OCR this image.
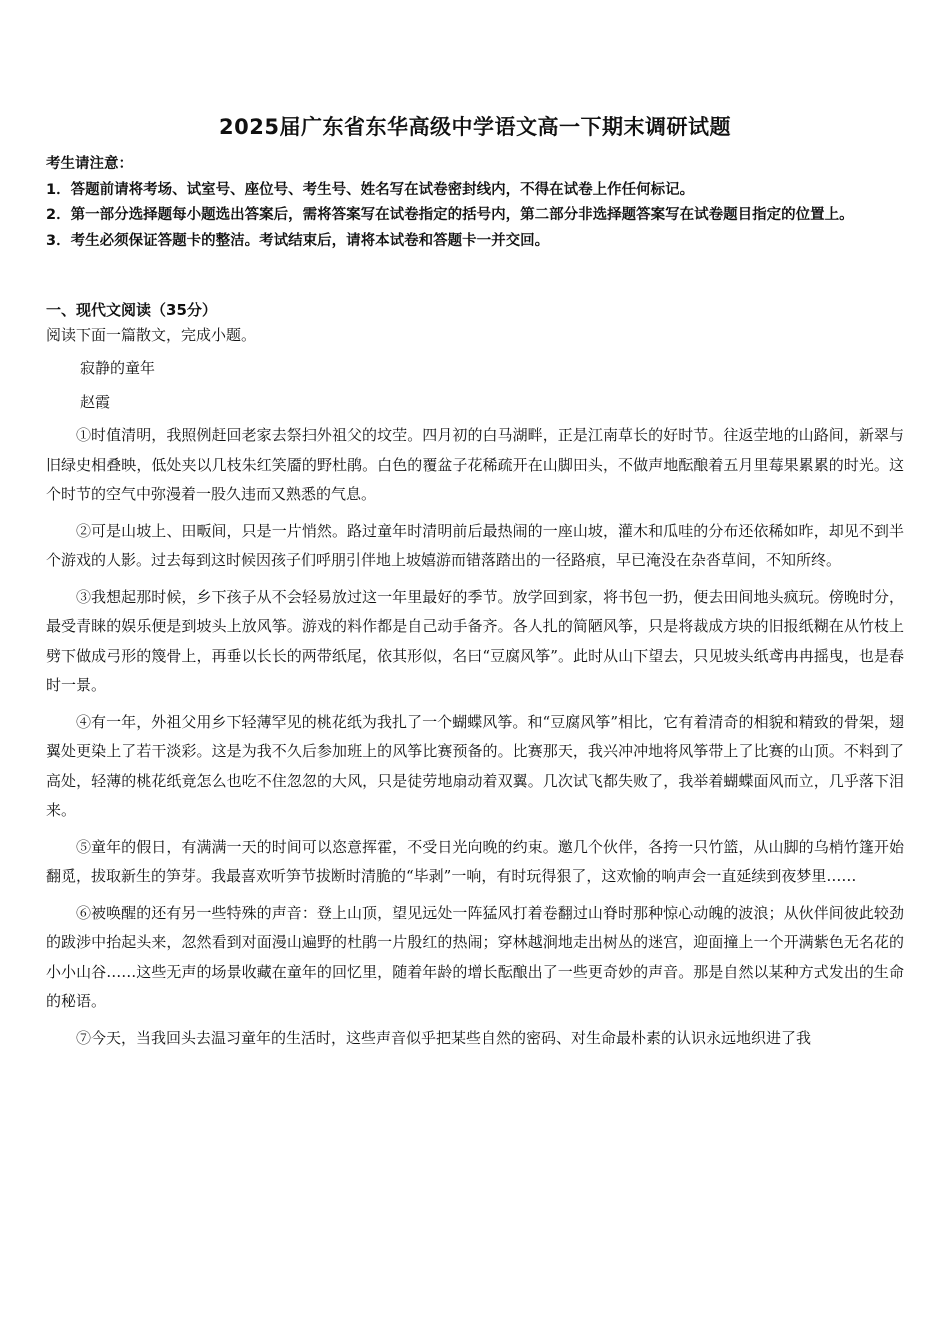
2025届广东省东华高级中学语文高一下期末调研试题

考生请注意：

1．答题前请将考场、试室号、座位号、考生号、姓名写在试卷密封线内，不得在试卷上作任何标记。

2．第一部分选择题每小题选出答案后，需将答案写在试卷指定的括号内，第二部分非选择题答案写在试卷题目指定的位置上。

3．考生必须保证答题卡的整洁。考试结束后，请将本试卷和答题卡一并交回。

一、现代文阅读（35分）
阅读下面一篇散文，完成小题。
寂静的童年
赵霞

①时值清明，我照例赶回老家去祭扫外祖父的坟茔。四月初的白马湖畔，正是江南草长的好时节。往返茔地的山路间，新翠与旧绿史相叠映，低处夹以几枝朱红笑靥的野杜鹃。白色的覆盆子花稀疏开在山脚田头，不做声地酝酿着五月里莓果累累的时光。这个时节的空气中弥漫着一股久违而又熟悉的气息。

②可是山坡上、田畈间，只是一片悄然。路过童年时清明前后最热闹的一座山坡，灌木和瓜哇的分布还依稀如昨，却见不到半个游戏的人影。过去每到这时候因孩子们呼朋引伴地上坡嬉游而错落踏出的一径路痕，早已淹没在杂沓草间，不知所终。

③我想起那时候，乡下孩子从不会轻易放过这一年里最好的季节。放学回到家，将书包一扔，便去田间地头疯玩。傍晚时分，最受青睐的娱乐便是到坡头上放风筝。游戏的料作都是自己动手备齐。各人扎的简陋风筝，只是将裁成方块的旧报纸糊在从竹枝上劈下做成弓形的篾骨上，再垂以长长的两带纸尾，依其形似，名曰“豆腐风筝”。此时从山下望去，只见坡头纸鸢冉冉摇曳，也是春时一景。

④有一年，外祖父用乡下轻薄罕见的桃花纸为我扎了一个蝴蝶风筝。和“豆腐风筝”相比，它有着清奇的相貌和精致的骨架，翅翼处更染上了若干淡彩。这是为我不久后参加班上的风筝比赛预备的。比赛那天，我兴冲冲地将风筝带上了比赛的山顶。不料到了高处，轻薄的桃花纸竟怎么也吃不住忽忽的大风，只是徒劳地扇动着双翼。几次试飞都失败了，我举着蝴蝶面风而立，几乎落下泪来。

⑤童年的假日，有满满一天的时间可以恣意挥霍，不受日光向晚的约束。邀几个伙伴，各挎一只竹篮，从山脚的乌梢竹篷开始翻觅，拔取新生的笋芽。我最喜欢听笋节拔断时清脆的“毕剥”一响，有时玩得狠了，这欢愉的响声会一直延续到夜梦里……

⑥被唤醒的还有另一些特殊的声音：登上山顶，望见远处一阵猛风打着卷翻过山脊时那种惊心动魄的波浪；从伙伴间彼此较劲的跋涉中抬起头来，忽然看到对面漫山遍野的杜鹃一片殷红的热闹；穿林越涧地走出树丛的迷宫，迎面撞上一个开满紫色无名花的小小山谷……这些无声的场景收藏在童年的回忆里，随着年龄的增长酝酿出了一些更奇妙的声音。那是自然以某种方式发出的生命的秘语。

⑦今天，当我回头去温习童年的生活时，这些声音似乎把某些自然的密码、对生命最朴素的认识永远地织进了我
